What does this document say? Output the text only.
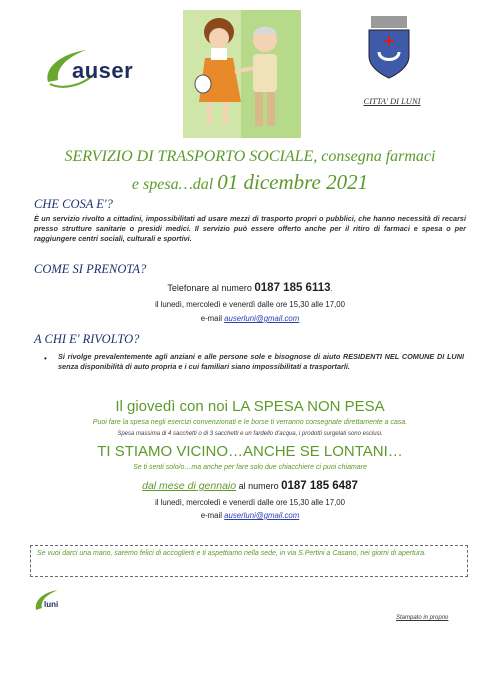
auser
CITTA' DI LUNI
SERVIZIO DI TRASPORTO SOCIALE, consegna farmaci
e spesa…dal 01 dicembre 2021
CHE COSA E'?

È un servizio rivolto a cittadini, impossibilitati ad usare mezzi di trasporto propri o pubblici, che hanno necessità di recarsi presso strutture sanitarie o presidi medici. Il servizio può essere offerto anche per il ritiro di farmaci e spesa o per raggiungere centri sociali, culturali e sportivi.

COME SI PRENOTA?
Telefonare al numero 0187 185 6113.
il lunedì, mercoledì e venerdì dalle ore 15,30 alle 17,00
e-mail auserluni@gmail.com
A CHI E' RIVOLTO?
• Si rivolge prevalentemente agli anziani e alle persone sole e bisognose di aiuto RESIDENTI NEL COMUNE DI LUNI senza disponibilità di auto propria e i cui familiari siano impossibilitati a trasportarli.

Il giovedì con noi LA SPESA NON PESA
Puoi fare la spesa negli esercizi convenzionati e le borse ti verranno consegnate direttamente a casa.
Spesa massima di 4 sacchetti o di 3 sacchetti e un fardello d'acqua, i prodotti surgelati sono esclusi.
TI STIAMO VICINO…ANCHE SE LONTANI…
Se ti senti solo/o…ma anche per fare solo due chiacchiere ci puoi chiamare
dal mese di gennaio al numero 0187 185 6487
il lunedì, mercoledì e venerdì dalle ore 15,30 alle 17,00
e-mail auserluni@gmail.com

Se vuoi darci una mano, saremo felici di accoglierti e ti aspettiamo nella sede, in via S.Pertini a Casano, nei giorni di apertura.

luni
Stampato in proprio
